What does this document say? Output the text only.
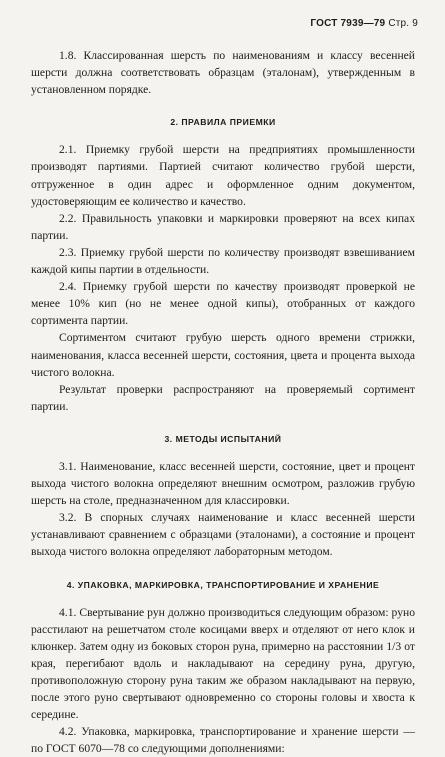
ГОСТ 7939—79 Стр. 9

1.8. Классированная шерсть по наименованиям и классу весенней шерсти должна соответствовать образцам (эталонам), утвержденным в установленном порядке.

2. ПРАВИЛА ПРИЕМКИ

2.1. Приемку грубой шерсти на предприятиях промышленности производят партиями. Партией считают количество грубой шерсти, отгруженное в один адрес и оформленное одним документом, удостоверяющим ее количество и качество.

2.2. Правильность упаковки и маркировки проверяют на всех кипах партии.

2.3. Приемку грубой шерсти по количеству производят взвешиванием каждой кипы партии в отдельности.

2.4. Приемку грубой шерсти по качеству производят проверкой не менее 10% кип (но не менее одной кипы), отобранных от каждого сортимента партии.

Сортиментом считают грубую шерсть одного времени стрижки, наименования, класса весенней шерсти, состояния, цвета и процента выхода чистого волокна.

Результат проверки распространяют на проверяемый сортимент партии.

3. МЕТОДЫ ИСПЫТАНИЙ

3.1. Наименование, класс весенней шерсти, состояние, цвет и процент выхода чистого волокна определяют внешним осмотром, разложив грубую шерсть на столе, предназначенном для классировки.

3.2. В спорных случаях наименование и класс весенней шерсти устанавливают сравнением с образцами (эталонами), а состояние и процент выхода чистого волокна определяют лабораторным методом.

4. УПАКОВКА, МАРКИРОВКА, ТРАНСПОРТИРОВАНИЕ И ХРАНЕНИЕ

4.1. Свертывание рун должно производиться следующим образом: руно расстилают на решетчатом столе косицами вверх и отделяют от него клок и клюнкер. Затем одну из боковых сторон руна, примерно на расстоянии 1/3 от края, перегибают вдоль и накладывают на середину руна, другую, противоположную сторону руна таким же образом накладывают на первую, после этого руно свертывают одновременно со стороны головы и хвоста к середине.

4.2. Упаковка, маркировка, транспортирование и хранение шерсти — по ГОСТ 6070—78 со следующими дополнениями:
